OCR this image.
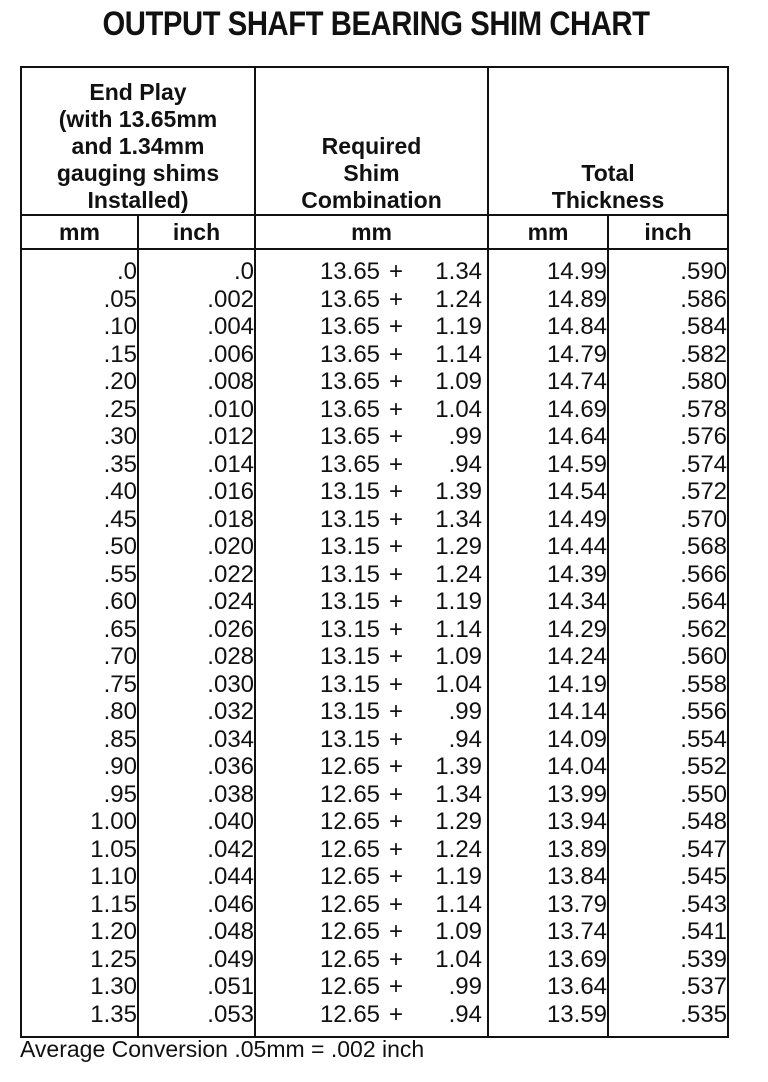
OUTPUT SHAFT BEARING SHIM CHART
End Play
(with 13.65mm
and 1.34mm
gauging shims
Installed)		Required
Shim
Combination	Total
Thickness	

mm	inch	mm	mm	inch
.0	.0	13.65 + 1.34	14.99	.590
.05	.002	13.65 + 1.24	14.89	.586
.10	.004	13.65 + 1.19	14.84	.584
.15	.006	13.65 + 1.14	14.79	.582
.20	.008	13.65 + 1.09	14.74	.580
.25	.010	13.65 + 1.04	14.69	.578
.30	.012	13.65 + .99	14.64	.576
.35	.014	13.65 + .94	14.59	.574
.40	.016	13.15 + 1.39	14.54	.572
.45	.018	13.15 + 1.34	14.49	.570
.50	.020	13.15 + 1.29	14.44	.568
.55	.022	13.15 + 1.24	14.39	.566
.60	.024	13.15 + 1.19	14.34	.564
.65	.026	13.15 + 1.14	14.29	.562
.70	.028	13.15 + 1.09	14.24	.560
.75	.030	13.15 + 1.04	14.19	.558
.80	.032	13.15 + .99	14.14	.556
.85	.034	13.15 + .94	14.09	.554
.90	.036	12.65 + 1.39	14.04	.552
.95	.038	12.65 + 1.34	13.99	.550
1.00	.040	12.65 + 1.29	13.94	.548
1.05	.042	12.65 + 1.24	13.89	.547
1.10	.044	12.65 + 1.19	13.84	.545
1.15	.046	12.65 + 1.14	13.79	.543
1.20	.048	12.65 + 1.09	13.74	.541
1.25	.049	12.65 + 1.04	13.69	.539
1.30	.051	12.65 + .99	13.64	.537
1.35	.053	12.65 + .94	13.59	.535
Average Conversion .05mm = .002 inch
